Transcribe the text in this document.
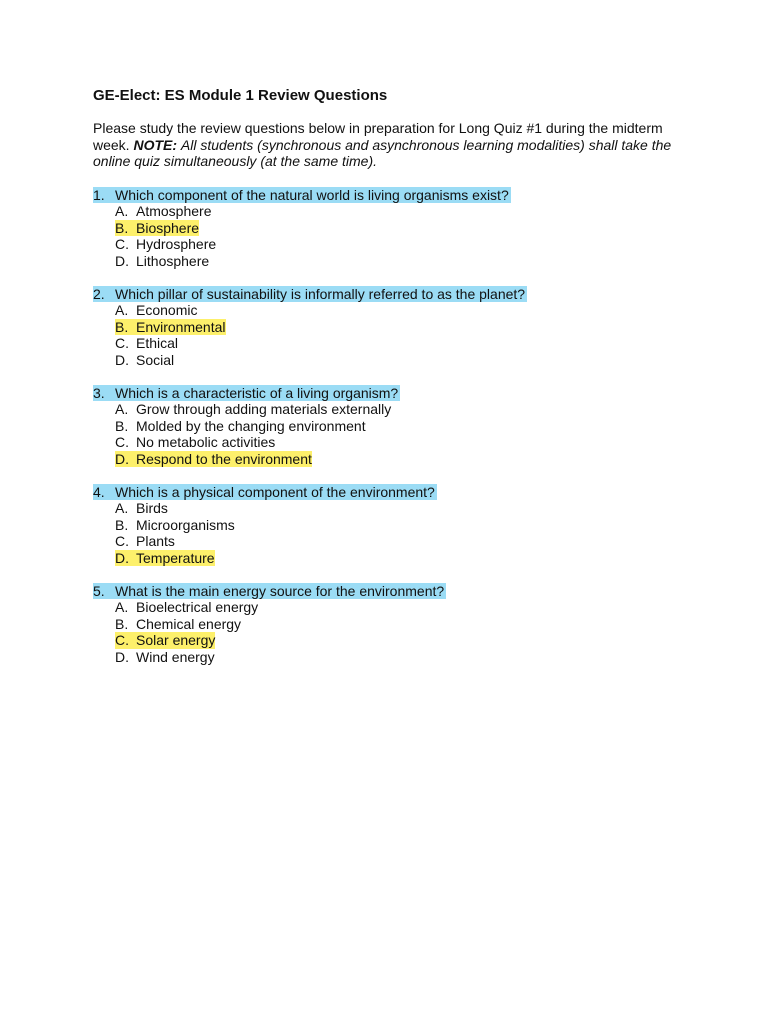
GE-Elect: ES Module 1 Review Questions
Please study the review questions below in preparation for Long Quiz #1 during the midterm week. NOTE: All students (synchronous and asynchronous learning modalities) shall take the online quiz simultaneously (at the same time).
1. Which component of the natural world is living organisms exist?
A. Atmosphere
B. Biosphere
C. Hydrosphere
D. Lithosphere
2. Which pillar of sustainability is informally referred to as the planet?
A. Economic
B. Environmental
C. Ethical
D. Social
3. Which is a characteristic of a living organism?
A. Grow through adding materials externally
B. Molded by the changing environment
C. No metabolic activities
D. Respond to the environment
4. Which is a physical component of the environment?
A. Birds
B. Microorganisms
C. Plants
D. Temperature
5. What is the main energy source for the environment?
A. Bioelectrical energy
B. Chemical energy
C. Solar energy
D. Wind energy
